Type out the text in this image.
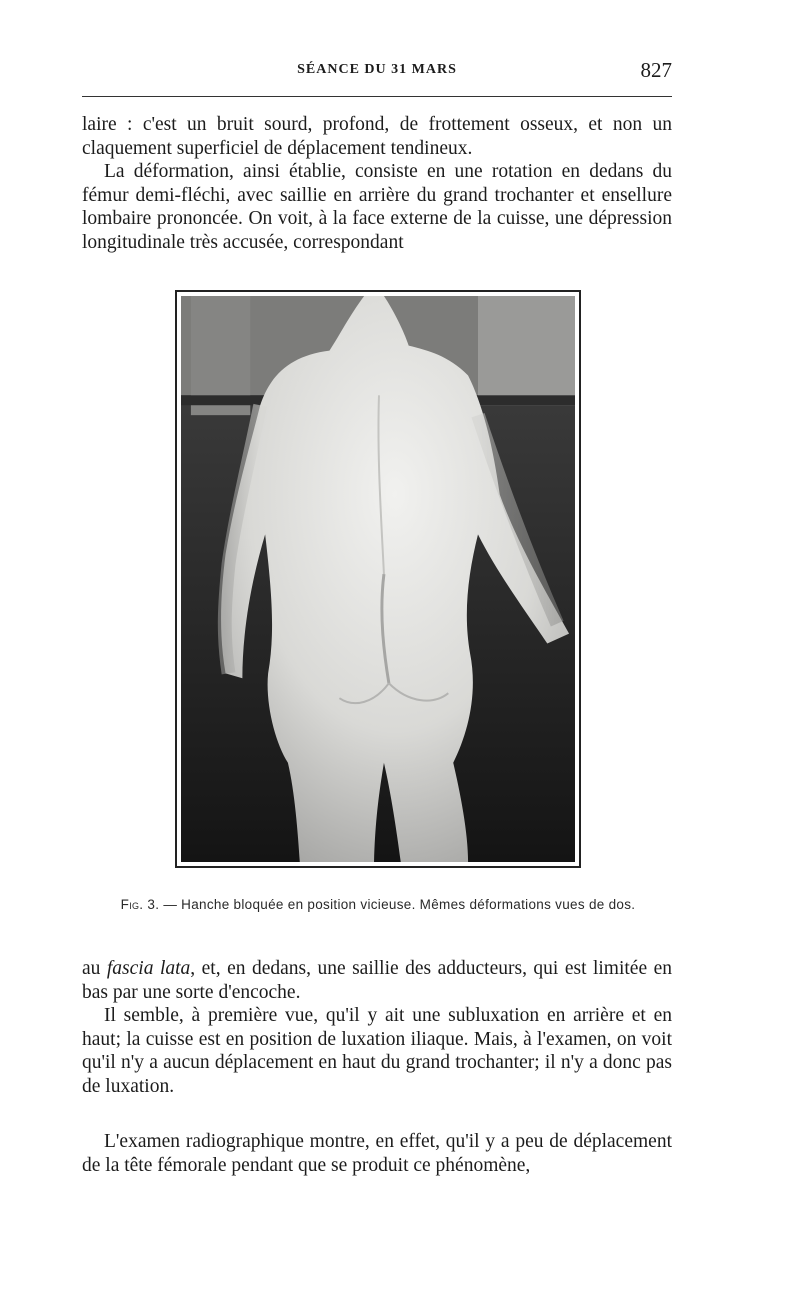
SÉANCE DU 31 MARS	827

laire : c'est un bruit sourd, profond, de frottement osseux, et non un claquement superficiel de déplacement tendineux.

La déformation, ainsi établie, consiste en une rotation en dedans du fémur demi-fléchi, avec saillie en arrière du grand trochanter et ensellure lombaire prononcée. On voit, à la face externe de la cuisse, une dépression longitudinale très accusée, correspondant

Fig. 3. — Hanche bloquée en position vicieuse. Mêmes déformations vues de dos.

au fascia lata, et, en dedans, une saillie des adducteurs, qui est limitée en bas par une sorte d'encoche.

Il semble, à première vue, qu'il y ait une subluxation en arrière et en haut; la cuisse est en position de luxation iliaque. Mais, à l'examen, on voit qu'il n'y a aucun déplacement en haut du grand trochanter; il n'y a donc pas de luxation.

L'examen radiographique montre, en effet, qu'il y a peu de déplacement de la tête fémorale pendant que se produit ce phénomène,
